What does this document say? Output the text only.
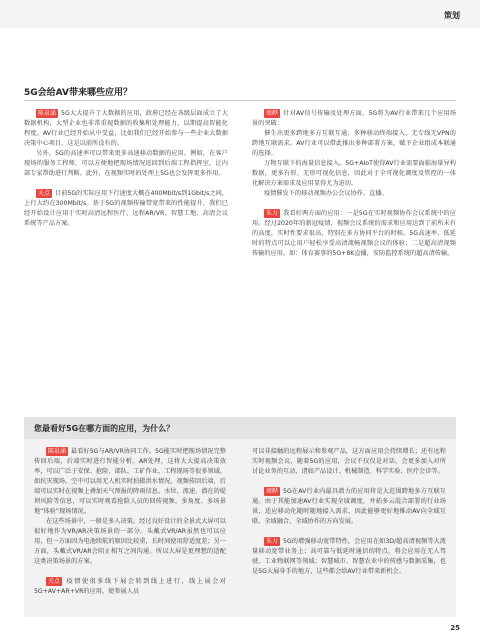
策划
5G会给AV带来哪些应用？

陈泉涌 5G大大提升了大数据的应用，政府已经在各级层面成立了大数据机构，大型企业也非常重视数据的收集和处理能力，以期提高智能化程度。AV行业已经开始从中受益，比如我们已经开始参与一些企业大数据决策中心项目，这是以前所没有的。

另外，5G的高速率可以带来更多高速移动数据的应用。例如，在客户现场的服务工程师，可以方便地把现场情况返回到后端工程指挥室，让内部专家帮助进行判断。此外，在视频实时的处理上5G也会发挥更多作用。

关点 目前5G的实际应用下行速度大概在400Mbit/s到1Gbit/s之间，上行大约在300Mbit/s。基于5G的视频传输带宽带来的性能提升，我们已经开始设计应用于实时高清远程医疗、远程AR/VR、智慧工地、高清会议系统等产品方案。

周晔 针对AV信号传输及处理方面，5G将为AV行业带来几个应用场景的突破：

催生出更多跨地多方互联互通、多种移动终端接入、无专线无VPN的跨地互联需求。AV行业可以借此推出多种部署方案，赋予企业组成本联通的选择。

万物互联下的海量信息接入。5G+AIoT使得AV行业需要面临海量异构数据，更多有形、无形可视化信息，因此对于全可视化调度及管控的一体化解决方案需求及应用显得尤为迫切。

疫情催发下的移动视频办公会议协作、直播。

朱力 我看好两方面的应用：一是5G在实时视频协作会议系统中的应用。经过2020年的新冠疫情，视频会议系统的需求和应用达到了前所未有的高度，实时性要求很高，特别在多方协同平台的时候。5G高速率、低延时的特点可以让用户轻松享受高清流畅视频会议的体验；二是超高清视频传输的应用。如：体育赛事的5G+8K直播，安防监控系统的超高清传输。

您最看好5G在哪方面的应用，为什么？

陈泉涌 最看好5G与AR/VR协同工作。5G能实时把现场情况完整传回后端，后端实时进行智能分析。AR处理，这将大大提高决策效率，可以广泛于安保、抢险、部队、工矿作业、工程现场等很多领域。如抗灾现场，空中可以用无人机实时拍摄洪水情况，视频传回后端，后端可以实时在视频上叠加天气预报的降雨信息、水位、流速、潜在的堤坝风险等信息，可以实时观看抢险人员的回传视频，多角度、多场景地“体验”现场情况。

在这些场景中，一般是多人决策。经过良好设计的全景式大屏可以很好地作为VR/AR决策场景的一部分。头戴式VR/AR虽然也可以应用，但一方面因为电池续航的原因比较重，长时间使用舒适度差；另一方面，头戴式VR/AR会阻止相互之间沟通。所以大屏是更理想的适配这类决策场景的方案。

关点 疫情使很多线下展会转到线上进行，线上展会对5G+AV+AR+VR的应用，使参展人员

可以非接触的远程展示和参观产品，这方面应用会持续增长；还有远程实时视频会议，随着5G的应用，会议不仅仅是对话，会更多加入对所讨论业务的互动，诸如产品设计、机械制造、科学实验、医疗会诊等。

周晔 5G在AV行业内最具潜力的应用将是大范围跨地多方互联互通。由于其能加速AV行业实现全域调度，并拓多云混合部署的行业场景，适应移动化随时随地接入需求，因此能够更好地推动AV向全域互联、全域融合、全域协作的方向发展。

朱力 5G的增强移动宽带特性，会应用在如3D/超高清视频等大流量移动宽带业务上；高可靠与低延时通信的特点，将会应用在无人驾驶、工业物联网等领域；智慧城市、智慧农业中的传感与数据采集，也是5G大展身手的地方，这些都会给AV行业带来新机会。

25
